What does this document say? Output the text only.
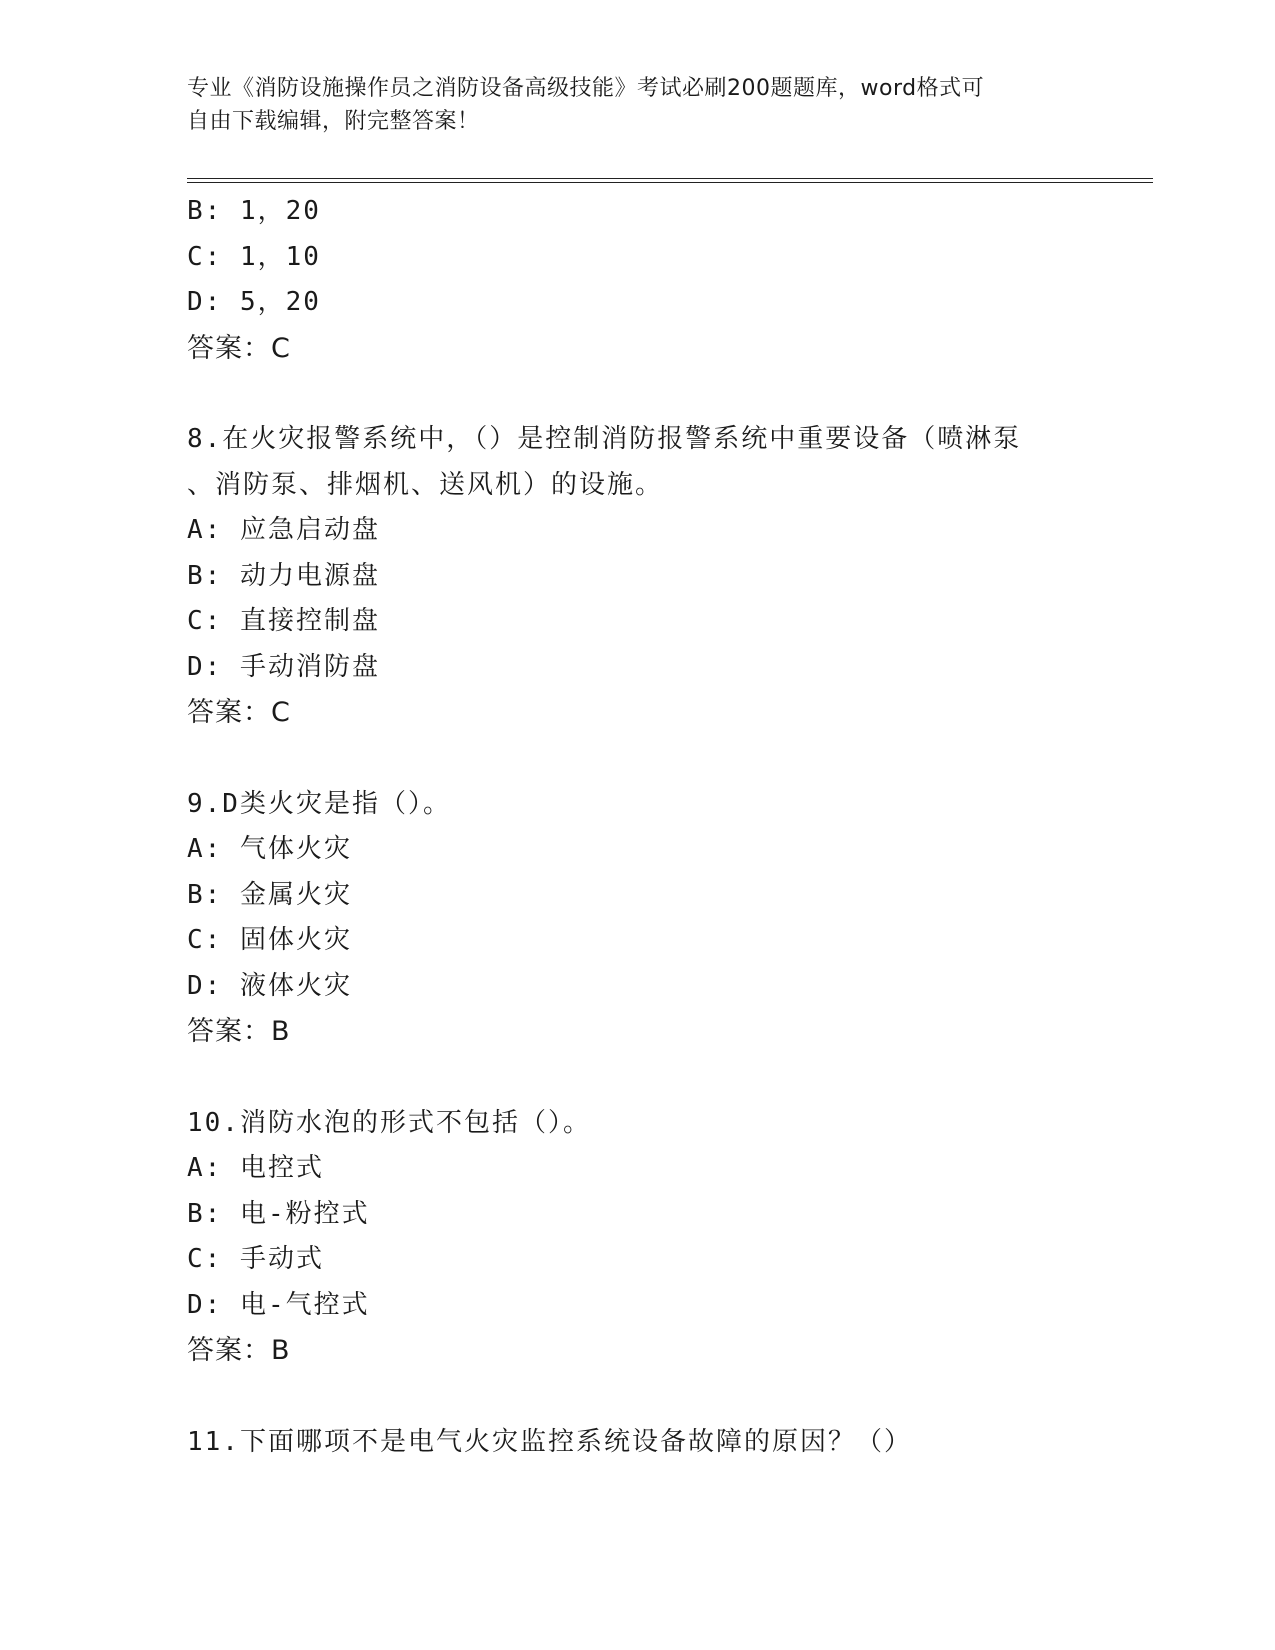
专业《消防设施操作员之消防设备高级技能》考试必刷200题题库，word格式可
自由下载编辑，附完整答案！
B: 1，20
C: 1，10
D: 5，20
答案：C
8.在火灾报警系统中，（）是控制消防报警系统中重要设备（喷淋泵
、消防泵、排烟机、送风机）的设施。
A: 应急启动盘
B: 动力电源盘
C: 直接控制盘
D: 手动消防盘
答案：C
9.D类火灾是指（）。
A: 气体火灾
B: 金属火灾
C: 固体火灾
D: 液体火灾
答案：B
10.消防水泡的形式不包括（）。
A: 电控式
B: 电-粉控式
C: 手动式
D: 电-气控式
答案：B
11.下面哪项不是电气火灾监控系统设备故障的原因？（）
